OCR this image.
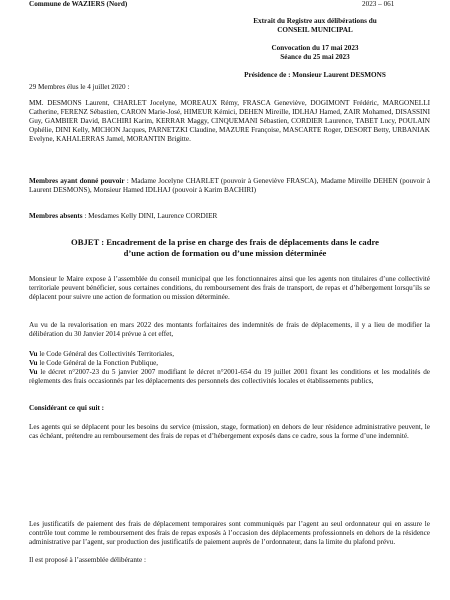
Commune de WAZIERS (Nord)	2023 – 061
Extrait du Registre aux délibérations du
CONSEIL MUNICIPAL
Convocation du 17 mai 2023
Séance du 25 mai 2023
Présidence de : Monsieur Laurent DESMONS
29 Membres élus le 4 juillet 2020 :
MM. DESMONS Laurent, CHARLET Jocelyne, MOREAUX Rémy, FRASCA Geneviève, DOGIMONT Frédéric, MARGONELLI Catherine, FERENZ Sébastien, CARON Marie-José, HIMEUR Kémici, DEHEN Mireille, IDLHAJ Hamed, ZAIR Mohamed, DISASSINI Guy, GAMBIER David, BACHIRI Karim, KERRAR Maggy, CINQUEMANI Sébastien, CORDIER Laurence, TABET Lucy, POULAIN Ophélie, DINI Kelly, MICHON Jacques, PARNETZKI Claudine, MAZURE Françoise, MASCARTE Roger, DESORT Betty, URBANIAK Evelyne, KAHALERRAS Jamel, MORANTIN Brigitte.
Membres ayant donné pouvoir : Madame Jocelyne CHARLET (pouvoir à Geneviève FRASCA), Madame Mireille DEHEN (pouvoir à Laurent DESMONS), Monsieur Hamed IDLHAJ (pouvoir à Karim BACHIRI)
Membres absents : Mesdames Kelly DINI, Laurence CORDIER
OBJET : Encadrement de la prise en charge des frais de déplacements dans le cadre
d’une action de formation ou d’une mission déterminée
Monsieur le Maire expose à l’assemblée du conseil municipal que les fonctionnaires ainsi que les agents non titulaires d’une collectivité territoriale peuvent bénéficier, sous certaines conditions, du remboursement des frais de transport, de repas et d’hébergement lorsqu’ils se déplacent pour suivre une action de formation ou mission déterminée.
Au vu de la revalorisation en mars 2022 des montants forfaitaires des indemnités de frais de déplacements, il y a lieu de modifier la délibération du 30 Janvier 2014 prévue à cet effet,
Vu le Code Général des Collectivités Territoriales,
Vu le Code Général de la Fonction Publique,
Vu le décret n°2007-23 du 5 janvier 2007 modifiant le décret n°2001-654 du 19 juillet 2001 fixant les conditions et les modalités de règlements des frais occasionnés par les déplacements des personnels des collectivités locales et établissements publics,
Considérant ce qui suit :
Les agents qui se déplacent pour les besoins du service (mission, stage, formation) en dehors de leur résidence administrative peuvent, le cas échéant, prétendre au remboursement des frais de repas et d’hébergement exposés dans ce cadre, sous la forme d’une indemnité.
Les justificatifs de paiement des frais de déplacement temporaires sont communiqués par l’agent au seul ordonnateur qui en assure le contrôle tout comme le remboursement des frais de repas exposés à l’occasion des déplacements professionnels en dehors de la résidence administrative par l’agent, sur production des justificatifs de paiement auprès de l’ordonnateur, dans la limite du plafond prévu.
Il est proposé à l’assemblée délibérante :
